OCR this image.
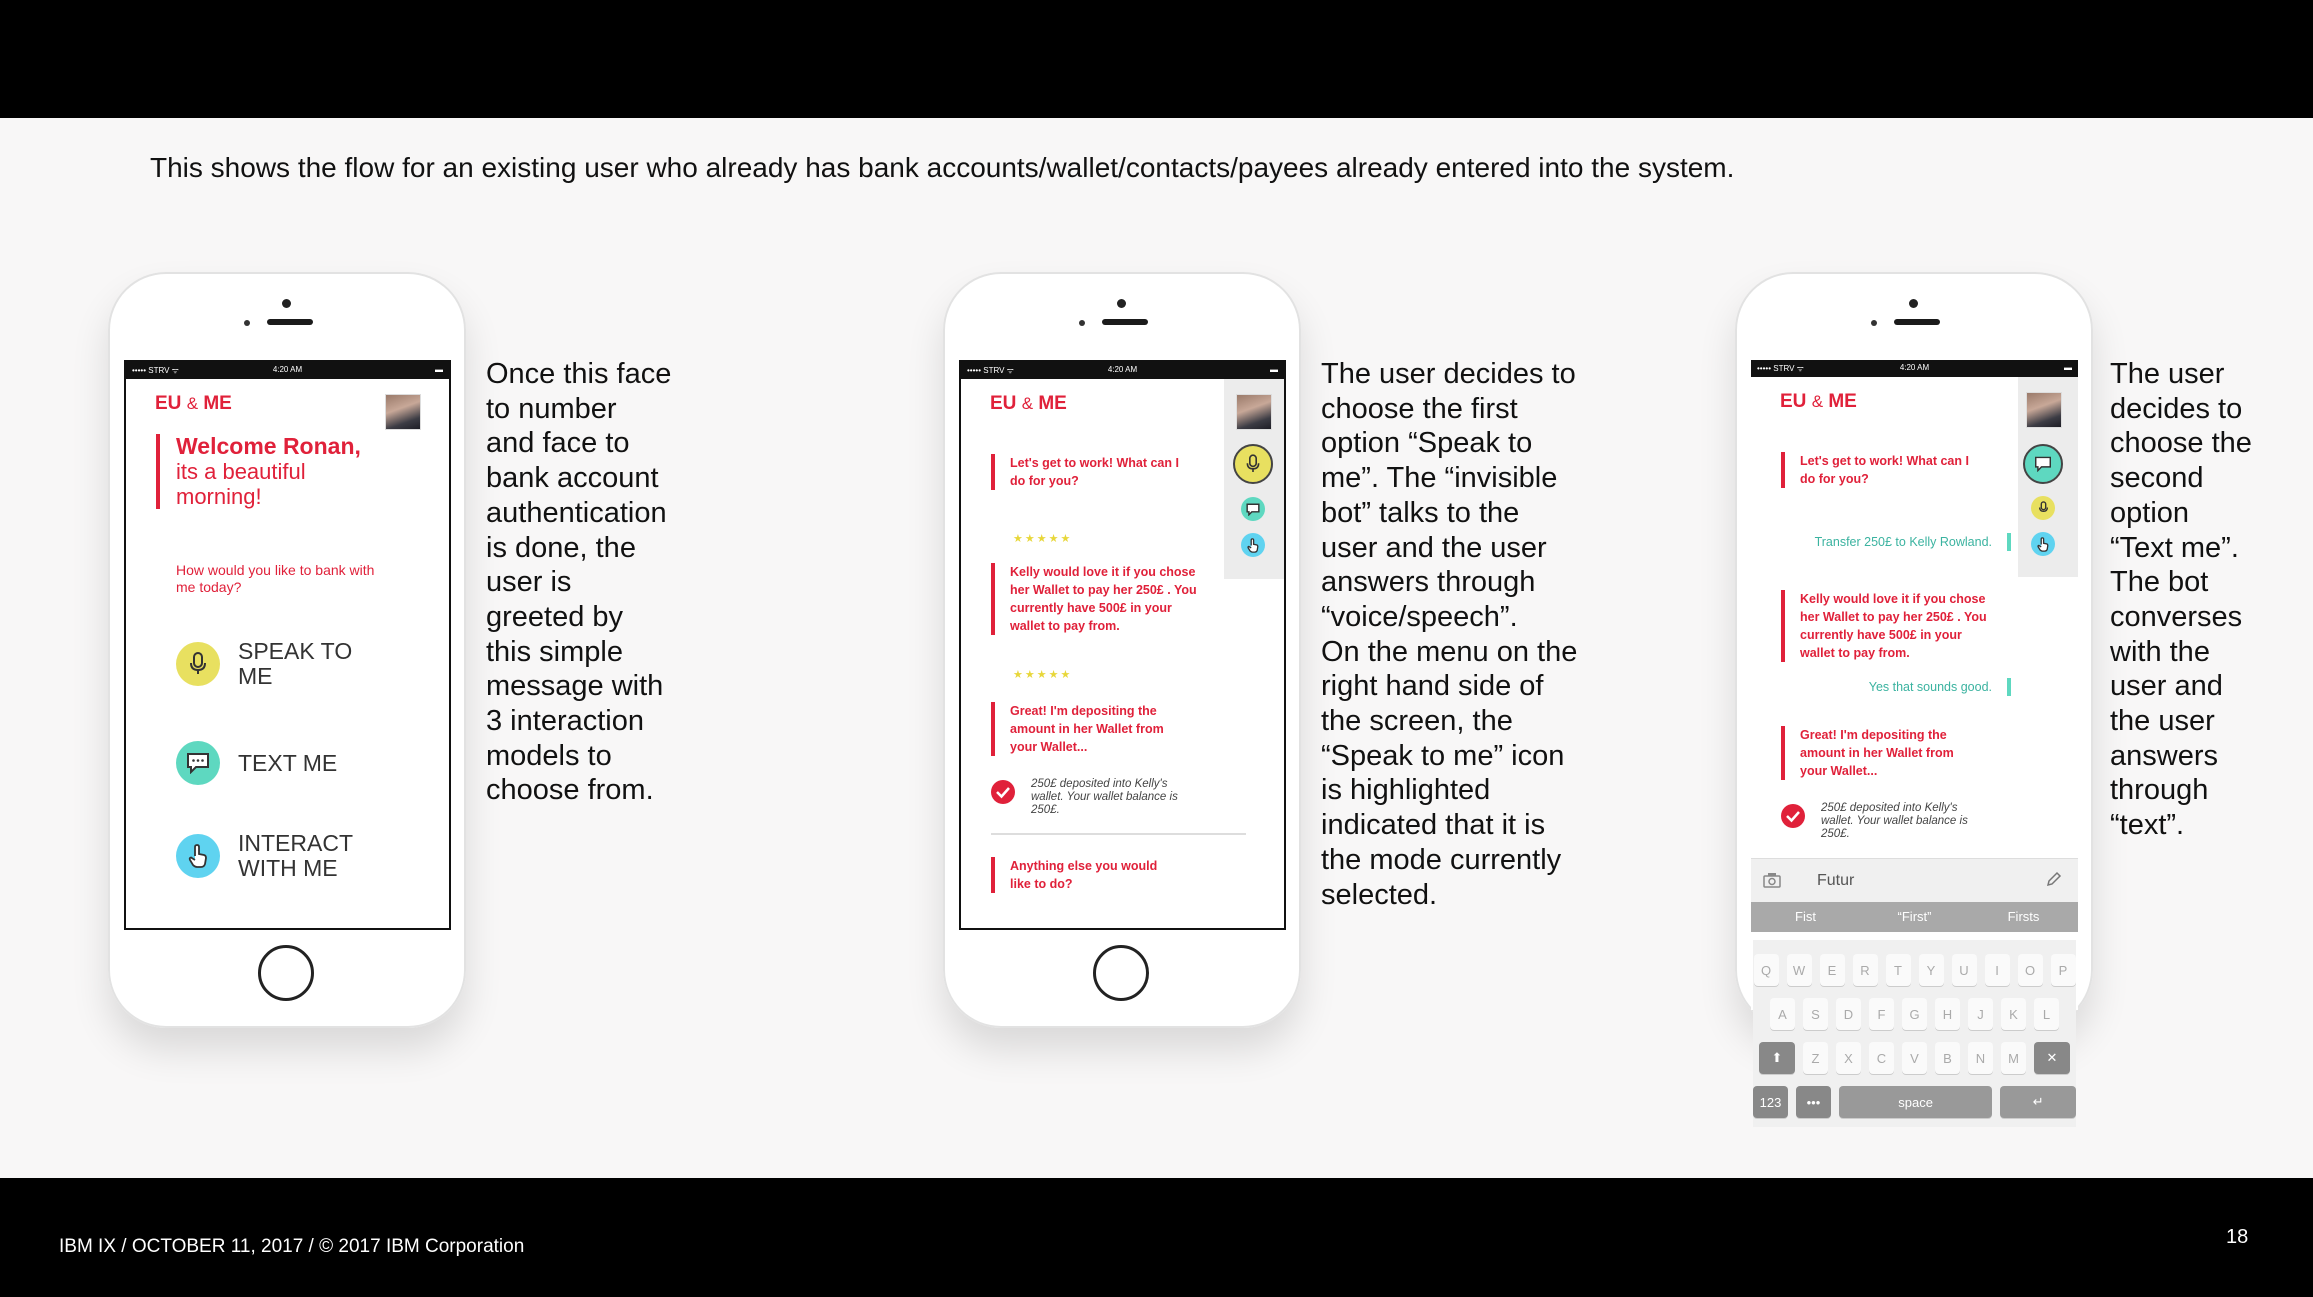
This shows the flow for an existing user who already has bank accounts/wallet/contacts/payees already entered into the system.
••••• STRV ᯤ	4:20 AM	▬
EU & ME
Welcome Ronan,
its a beautiful morning!
How would you like to bank with me today?
SPEAK TO ME
TEXT ME
INTERACT WITH ME
Once this face
to number
and face to
bank account
authentication
is done, the
user is
greeted by
this simple
message with
3 interaction
models to
choose from.
••••• STRV ᯤ	4:20 AM	▬
EU & ME
Let's get to work! What can I do for you?
★★★★★
Kelly would love it if you chose her Wallet to pay her 250£ . You currently have 500£ in your wallet to pay from.
★★★★★
Great! I'm depositing the amount in her Wallet from your Wallet...
250£ deposited into Kelly's wallet. Your wallet balance is 250£.
Anything else you would like to do?
The user decides to
choose the first
option “Speak to
me”. The “invisible
bot” talks to the
user and the user
answers through
“voice/speech”.
On the menu on the
right hand side of
the screen, the
“Speak to me” icon
is highlighted
indicated that it is
the mode currently
selected.
••••• STRV ᯤ	4:20 AM	▬
EU & ME
Let's get to work! What can I do for you?
Transfer 250£ to Kelly Rowland.
Kelly would love it if you chose her Wallet to pay her 250£ . You currently have 500£ in your wallet to pay from.
Yes that sounds good.
Great! I'm depositing the amount in her Wallet from your Wallet...
250£ deposited into Kelly's wallet. Your wallet balance is 250£.
Futur
Fist	“First”	Firsts
Q	W	E	R	T	Y	U	I	O	P
A	S	D	F	G	H	J	K	L
⬆	Z	X	C	V	B	N	M	✕
123	•••	space	↵
The user
decides to
choose the
second
option
“Text me”.
The bot
converses
with the
user and
the user
answers
through
“text”.
IBM IX / OCTOBER 11, 2017 / © 2017 IBM Corporation	18
